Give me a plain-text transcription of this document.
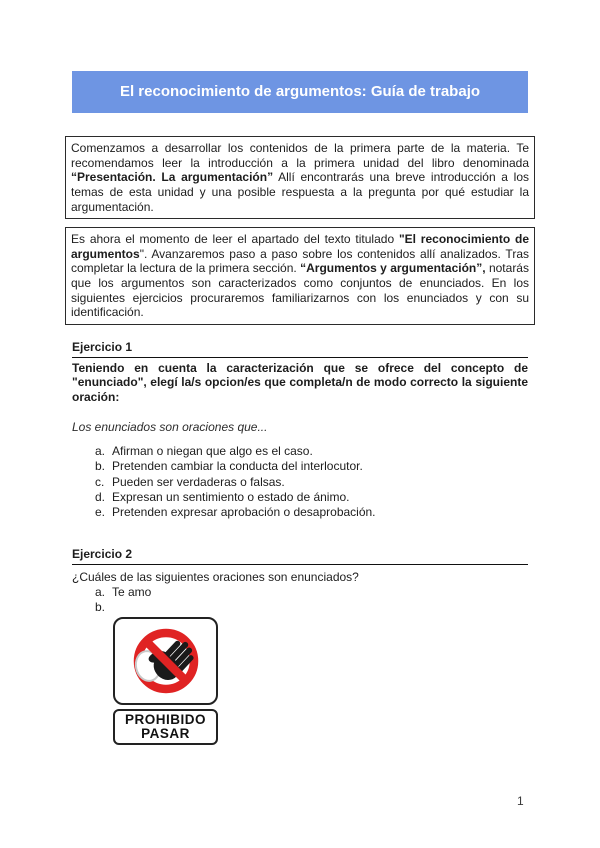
El reconocimiento de argumentos: Guía de trabajo

Comenzamos a desarrollar los contenidos de la primera parte de la materia. Te recomendamos leer la introducción a la primera unidad del libro denominada “Presentación. La argumentación” Allí encontrarás una breve introducción a los temas de esta unidad y una posible respuesta a la pregunta por qué estudiar la argumentación.

Es ahora el momento de leer el apartado del texto titulado "El reconocimiento de argumentos". Avanzaremos paso a paso sobre los contenidos allí analizados. Tras completar la lectura de la primera sección. “Argumentos y argumentación”, notarás que los argumentos son caracterizados como conjuntos de enunciados. En los siguientes ejercicios procuraremos familiarizarnos con los enunciados y con su identificación.

Ejercicio 1

Teniendo en cuenta la caracterización que se ofrece del concepto de "enunciado", elegí la/s opcion/es que completa/n de modo correcto la siguiente oración:

Los enunciados son oraciones que...

a. Afirman o niegan que algo es el caso.
b. Pretenden cambiar la conducta del interlocutor.
c. Pueden ser verdaderas o falsas.
d. Expresan un sentimiento o estado de ánimo.
e. Pretenden expresar aprobación o desaprobación.
Ejercicio 2

¿Cuáles de las siguientes oraciones son enunciados?

a. Te amo
b.
PROHIBIDO
PASAR
1
